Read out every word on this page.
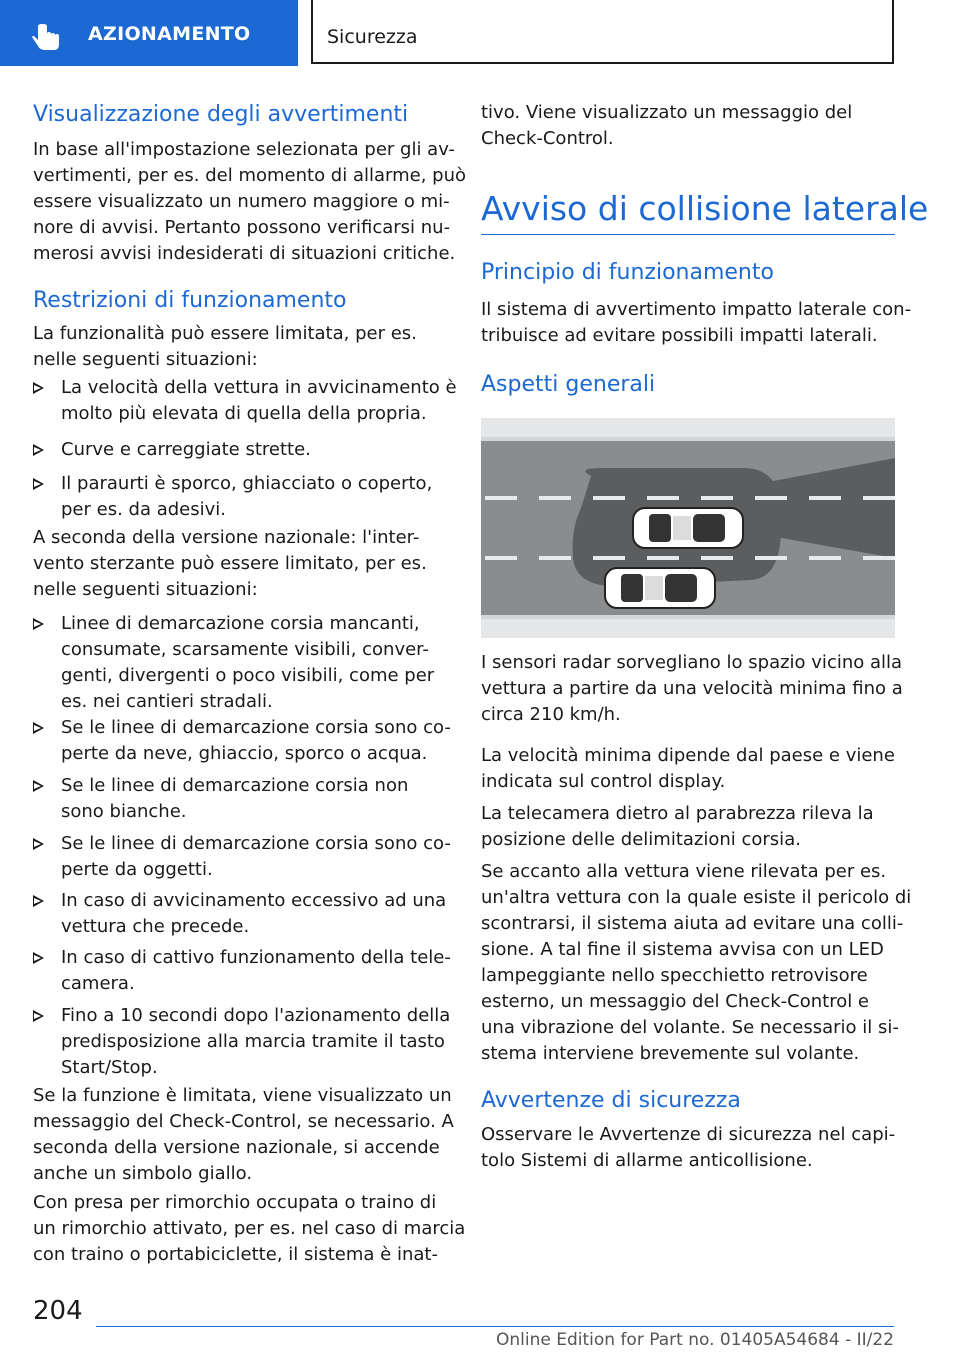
AZIONAMENTO	Sicurezza
Visualizzazione degli avvertimenti
In base all'impostazione selezionata per gli av-
vertimenti, per es. del momento di allarme, può
essere visualizzato un numero maggiore o mi-
nore di avvisi. Pertanto possono verificarsi nu-
merosi avvisi indesiderati di situazioni critiche.
Restrizioni di funzionamento
La funzionalità può essere limitata, per es.
nelle seguenti situazioni:
La velocità della vettura in avvicinamento è
molto più elevata di quella della propria.
Curve e carreggiate strette.
Il paraurti è sporco, ghiacciato o coperto,
per es. da adesivi.
A seconda della versione nazionale: l'inter-
vento sterzante può essere limitato, per es.
nelle seguenti situazioni:
Linee di demarcazione corsia mancanti,
consumate, scarsamente visibili, conver-
genti, divergenti o poco visibili, come per
es. nei cantieri stradali.
Se le linee di demarcazione corsia sono co-
perte da neve, ghiaccio, sporco o acqua.
Se le linee di demarcazione corsia non
sono bianche.
Se le linee di demarcazione corsia sono co-
perte da oggetti.
In caso di avvicinamento eccessivo ad una
vettura che precede.
In caso di cattivo funzionamento della tele-
camera.
Fino a 10 secondi dopo l'azionamento della
predisposizione alla marcia tramite il tasto
Start/Stop.
Se la funzione è limitata, viene visualizzato un
messaggio del Check-Control, se necessario. A
seconda della versione nazionale, si accende
anche un simbolo giallo.
Con presa per rimorchio occupata o traino di
un rimorchio attivato, per es. nel caso di marcia
con traino o portabiciclette, il sistema è inat-
tivo. Viene visualizzato un messaggio del
Check-Control.
Avviso di collisione laterale
Principio di funzionamento
Il sistema di avvertimento impatto laterale con-
tribuisce ad evitare possibili impatti laterali.
Aspetti generali
I sensori radar sorvegliano lo spazio vicino alla
vettura a partire da una velocità minima fino a
circa 210 km/h.
La velocità minima dipende dal paese e viene
indicata sul control display.
La telecamera dietro al parabrezza rileva la
posizione delle delimitazioni corsia.
Se accanto alla vettura viene rilevata per es.
un'altra vettura con la quale esiste il pericolo di
scontrarsi, il sistema aiuta ad evitare una colli-
sione. A tal fine il sistema avvisa con un LED
lampeggiante nello specchietto retrovisore
esterno, un messaggio del Check-Control e
una vibrazione del volante. Se necessario il si-
stema interviene brevemente sul volante.
Avvertenze di sicurezza
Osservare le Avvertenze di sicurezza nel capi-
tolo Sistemi di allarme anticollisione.
204
Online Edition for Part no. 01405A54684 - II/22
